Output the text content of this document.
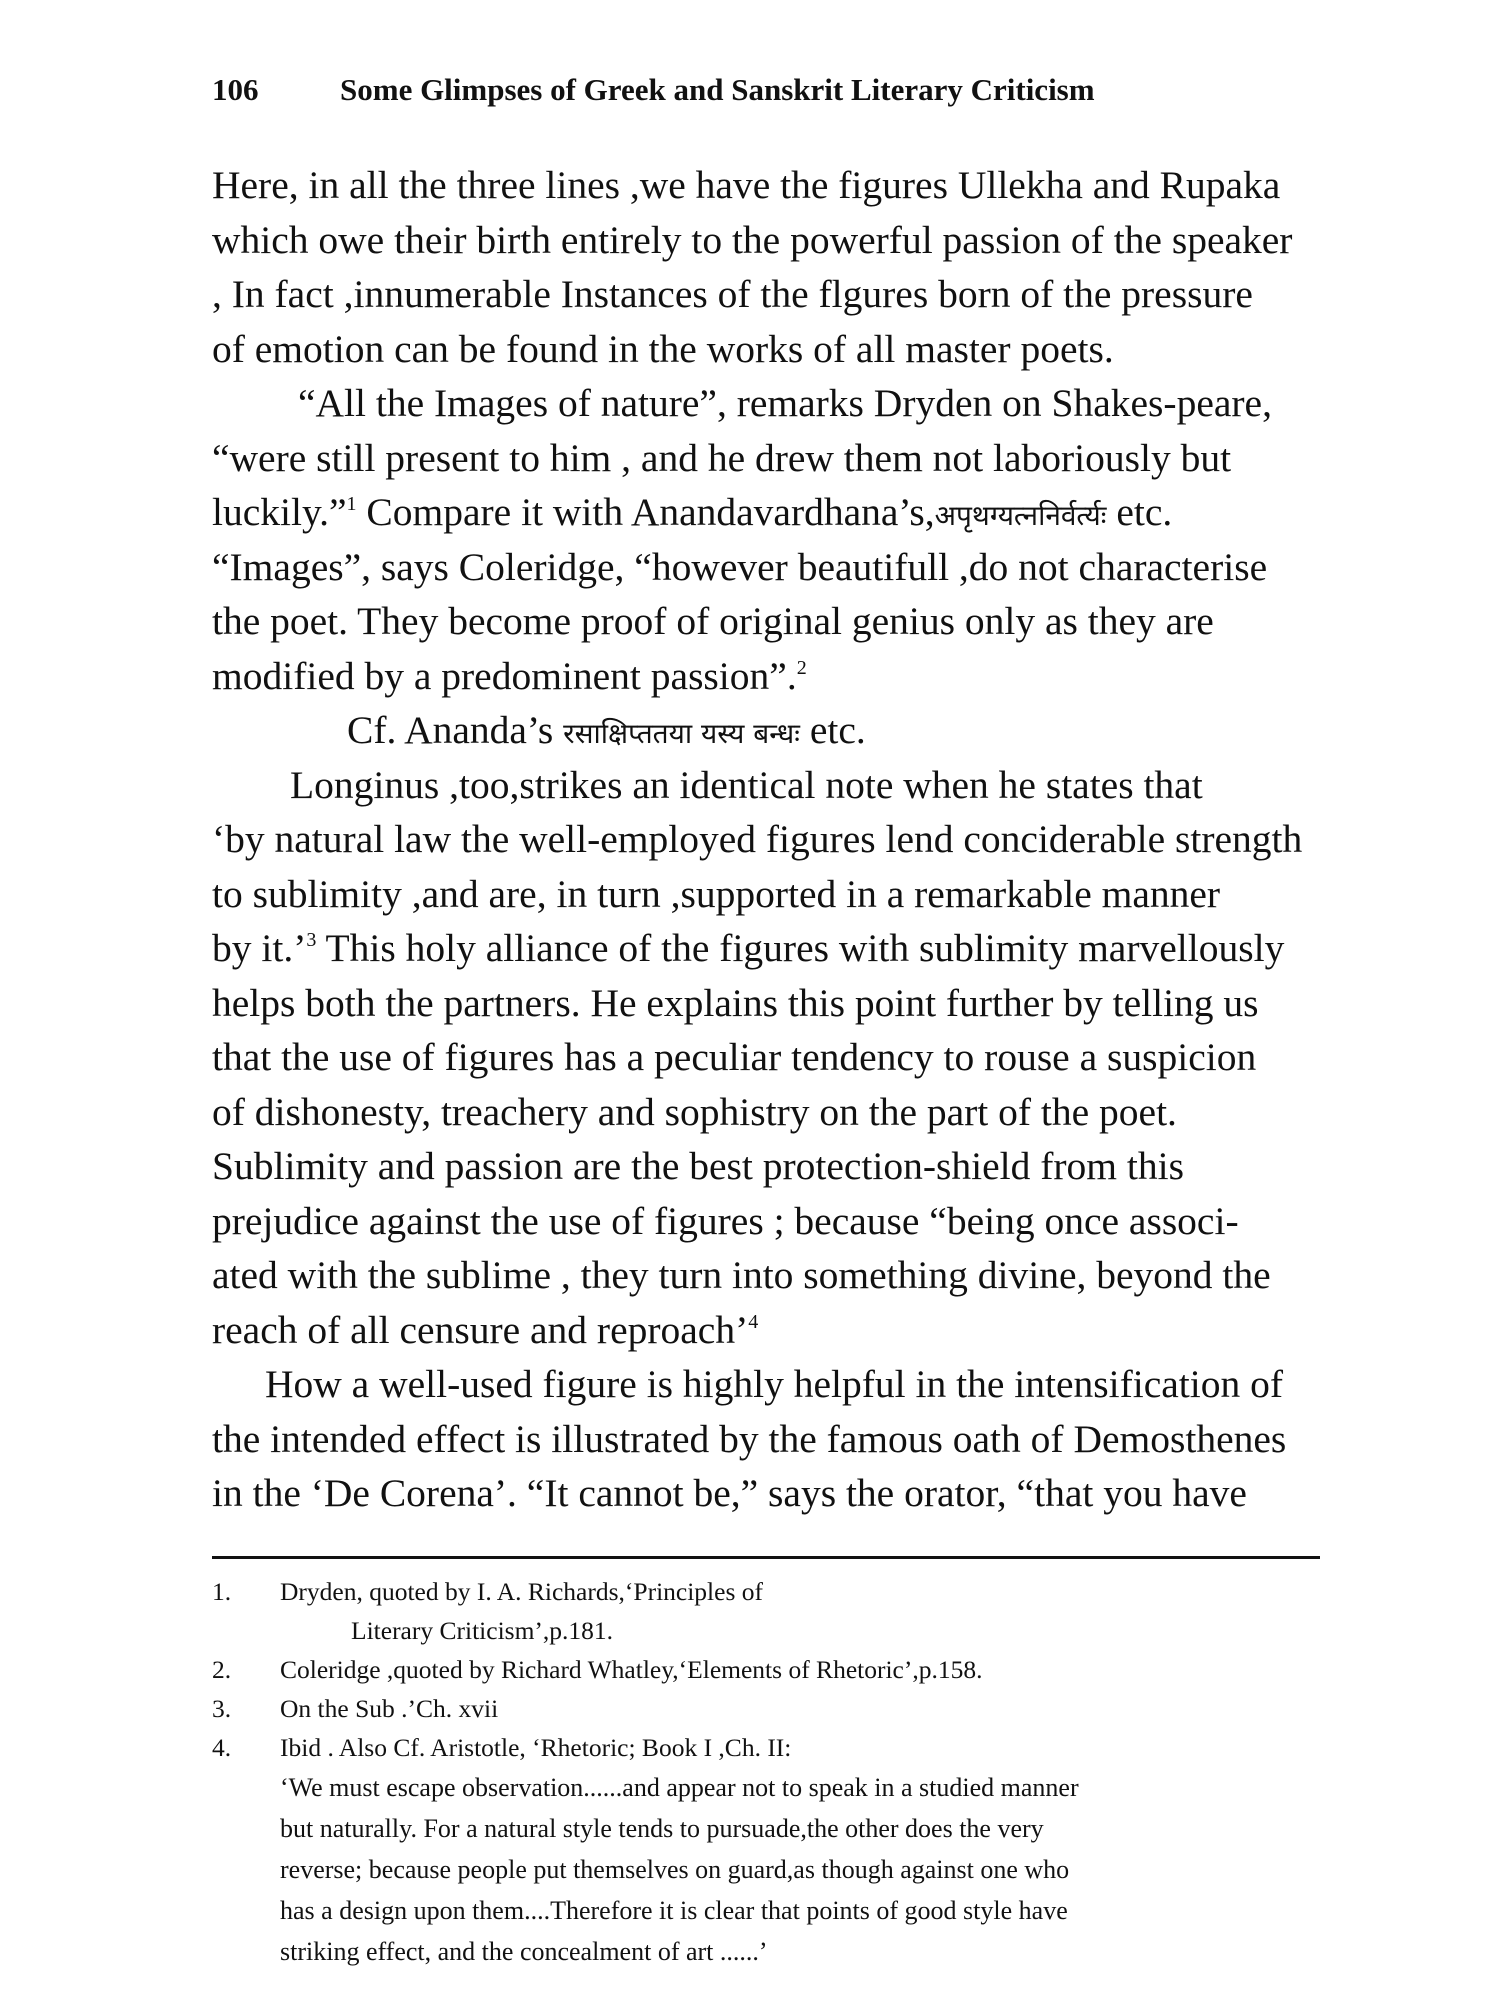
106	Some Glimpses of Greek and Sanskrit Literary Criticism
Here, in all the three lines ,we have the figures Ullekha and Rupaka
which owe their birth entirely to the powerful passion of the speaker
, In fact ,innumerable Instances of the flgures born of the pressure
of emotion can be found in the works of all master poets.
“All the Images of nature”, remarks Dryden on Shakes-peare,
“were still present to him , and he drew them not laboriously but
luckily.”$^1$ Compare it with Anandavardhana’s,अपृथग्यत्ननिर्वर्त्यः etc.
“Images”, says Coleridge, “however beautifull ,do not characterise
the poet. They become proof of original genius only as they are
modified by a predominent passion”.$^2$
Cf. Ananda’s रसाक्षिप्ततया यस्य बन्धः etc.
Longinus ,too,strikes an identical note when he states that
‘by natural law the well-employed figures lend conciderable strength
to sublimity ,and are, in turn ,supported in a remarkable manner
by it.’$^3$ This holy alliance of the figures with sublimity marvellously
helps both the partners. He explains this point further by telling us
that the use of figures has a peculiar tendency to rouse a suspicion
of dishonesty, treachery and sophistry on the part of the poet.
Sublimity and passion are the best protection-shield from this
prejudice against the use of figures ; because “being once associ-
ated with the sublime , they turn into something divine, beyond the
reach of all censure and reproach’$^4$
How a well-used figure is highly helpful in the intensification of
the intended effect is illustrated by the famous oath of Demosthenes
in the ‘De Corena’. “It cannot be,” says the orator, “that you have
1. Dryden, quoted by I. A. Richards,‘Principles of
Literary Criticism’,p.181.
2. Coleridge ,quoted by Richard Whatley,‘Elements of Rhetoric’,p.158.
3. On the Sub .’Ch. xvii
4. Ibid . Also Cf. Aristotle, ‘Rhetoric; Book I ,Ch. II:
‘We must escape observation......and appear not to speak in a studied manner
but naturally. For a natural style tends to pursuade,the other does the very
reverse; because people put themselves on guard,as though against one who
has a design upon them....Therefore it is clear that points of good style have
striking effect, and the concealment of art ......’
